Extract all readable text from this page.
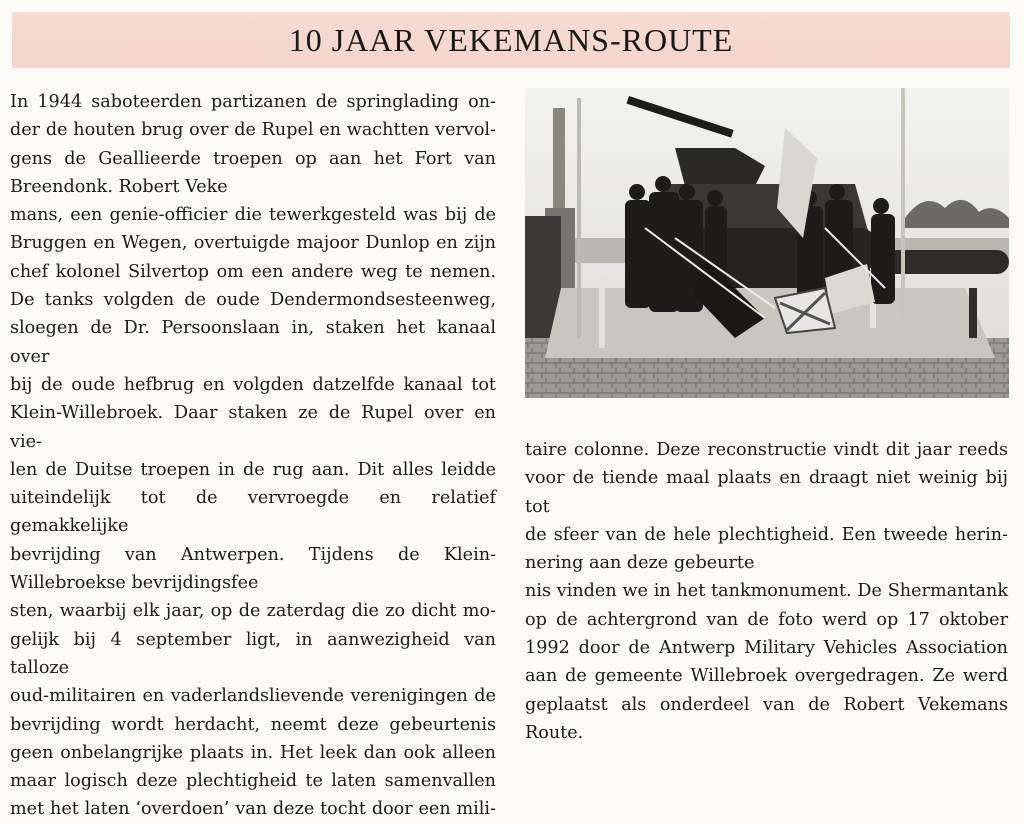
10 JAAR VEKEMANS-ROUTE

In 1944 saboteerden partizanen de springlading on-

der de houten brug over de Rupel en wachtten vervol-

gens de Geallieerde troepen op aan het Fort van

Breendonk. Robert Veke

mans, een genie-officier die tewerkgesteld was bij de

Bruggen en Wegen, overtuigde majoor Dunlop en zijn

chef kolonel Silvertop om een andere weg te nemen.

De tanks volgden de oude Dendermondsesteenweg,

sloegen de Dr. Persoonslaan in, staken het kanaal over

bij de oude hefbrug en volgden datzelfde kanaal tot

Klein-Willebroek. Daar staken ze de Rupel over en vie-

len de Duitse troepen in de rug aan. Dit alles leidde

uiteindelijk tot de vervroegde en relatief gemakkelijke

bevrijding van Antwerpen. Tijdens de Klein-

Willebroekse bevrijdingsfee

sten, waarbij elk jaar, op de zaterdag die zo dicht mo-

gelijk bij 4 september ligt, in aanwezigheid van talloze

oud-militairen en vaderlandslievende verenigingen de

bevrijding wordt herdacht, neemt deze gebeurtenis

geen onbelangrijke plaats in. Het leek dan ook alleen

maar logisch deze plechtigheid te laten samenvallen

met het laten ‘overdoen’ van deze tocht door een mili-

taire colonne. Deze reconstructie vindt dit jaar reeds

voor de tiende maal plaats en draagt niet weinig bij tot

de sfeer van de hele plechtigheid. Een tweede herin-

nering aan deze gebeurte

nis vinden we in het tankmonument. De Shermantank

op de achtergrond van de foto werd op 17 oktober

1992 door de Antwerp Military Vehicles Association

aan de gemeente Willebroek overgedragen. Ze werd

geplaatst als onderdeel van de Robert Vekemans

Route.
